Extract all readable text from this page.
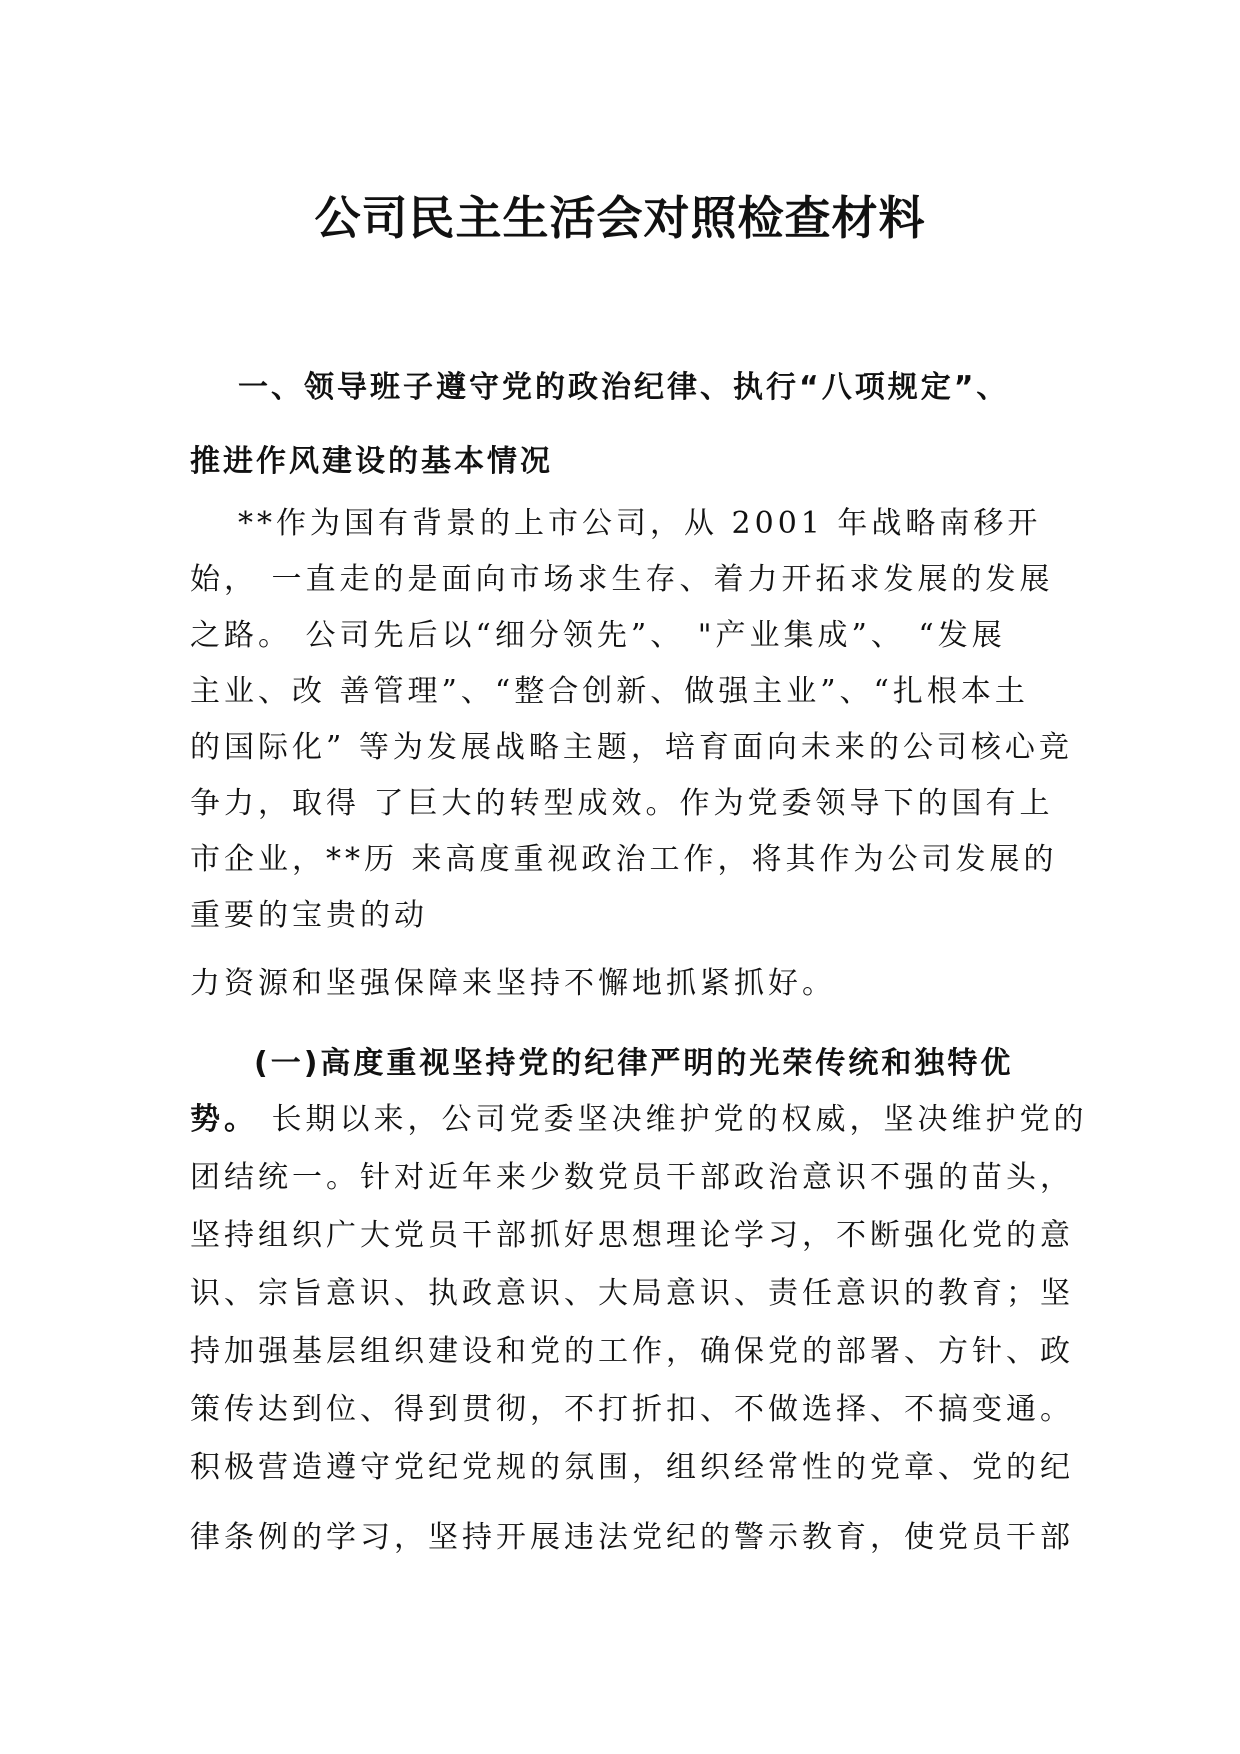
公司民主生活会对照检查材料
一、领导班子遵守党的政治纪律、执行“八项规定”、
推进作风建设的基本情况
**作为国有背景的上市公司，从 2001 年战略南移开
始， 一直走的是面向市场求生存、着力开拓求发展的发展
之路。 公司先后以“细分领先”、 "产业集成”、 “发展
主业、改 善管理”、“整合创新、做强主业”、“扎根本土
的国际化” 等为发展战略主题，培育面向未来的公司核心竞
争力，取得 了巨大的转型成效。作为党委领导下的国有上
市企业，**历 来高度重视政治工作，将其作为公司发展的
重要的宝贵的动
力资源和坚强保障来坚持不懈地抓紧抓好。
(一)高度重视坚持党的纪律严明的光荣传统和独特优
势。 长期以来，公司党委坚决维护党的权威，坚决维护党的
团结统一。针对近年来少数党员干部政治意识不强的苗头，
坚持组织广大党员干部抓好思想理论学习，不断强化党的意
识、宗旨意识、执政意识、大局意识、责任意识的教育；坚
持加强基层组织建设和党的工作，确保党的部署、方针、政
策传达到位、得到贯彻，不打折扣、不做选择、不搞变通。
积极营造遵守党纪党规的氛围，组织经常性的党章、党的纪
律条例的学习，坚持开展违法党纪的警示教育，使党员干部
